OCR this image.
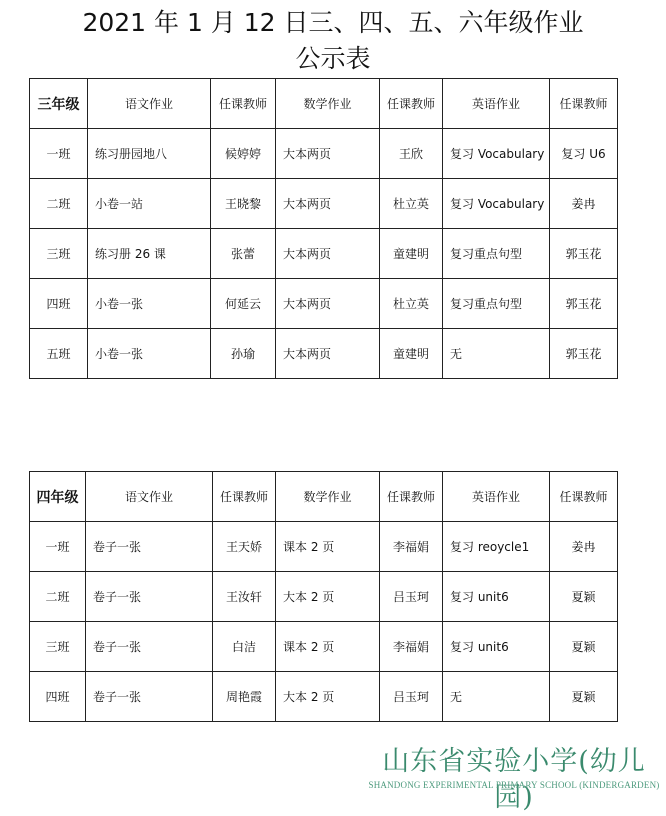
2021 年 1 月 12 日三、四、五、六年级作业
公示表
三年级	语文作业	任课教师	数学作业	任课教师	英语作业	任课教师
一班	练习册园地八	候婷婷	大本两页	王欣	复习 Vocabulary	复习 U6
二班	小卷一站	王晓黎	大本两页	杜立英	复习 Vocabulary	姜冉
三班	练习册 26 课	张蕾	大本两页	童建明	复习重点句型	郭玉花
四班	小卷一张	何延云	大本两页	杜立英	复习重点句型	郭玉花
五班	小卷一张	孙瑜	大本两页	童建明	无	郭玉花
四年级	语文作业	任课教师	数学作业	任课教师	英语作业	任课教师
一班	卷子一张	王天娇	课本 2 页	李福娟	复习 reoycle1	姜冉
二班	卷子一张	王汝轩	大本 2 页	吕玉珂	复习 unit6	夏颖
三班	卷子一张	白洁	课本 2 页	李福娟	复习 unit6	夏颖
四班	卷子一张	周艳霞	大本 2 页	吕玉珂	无	夏颖
山东省实验小学(幼儿园)
SHANDONG EXPERIMENTAL PRIMARY SCHOOL (KINDERGARDEN)
